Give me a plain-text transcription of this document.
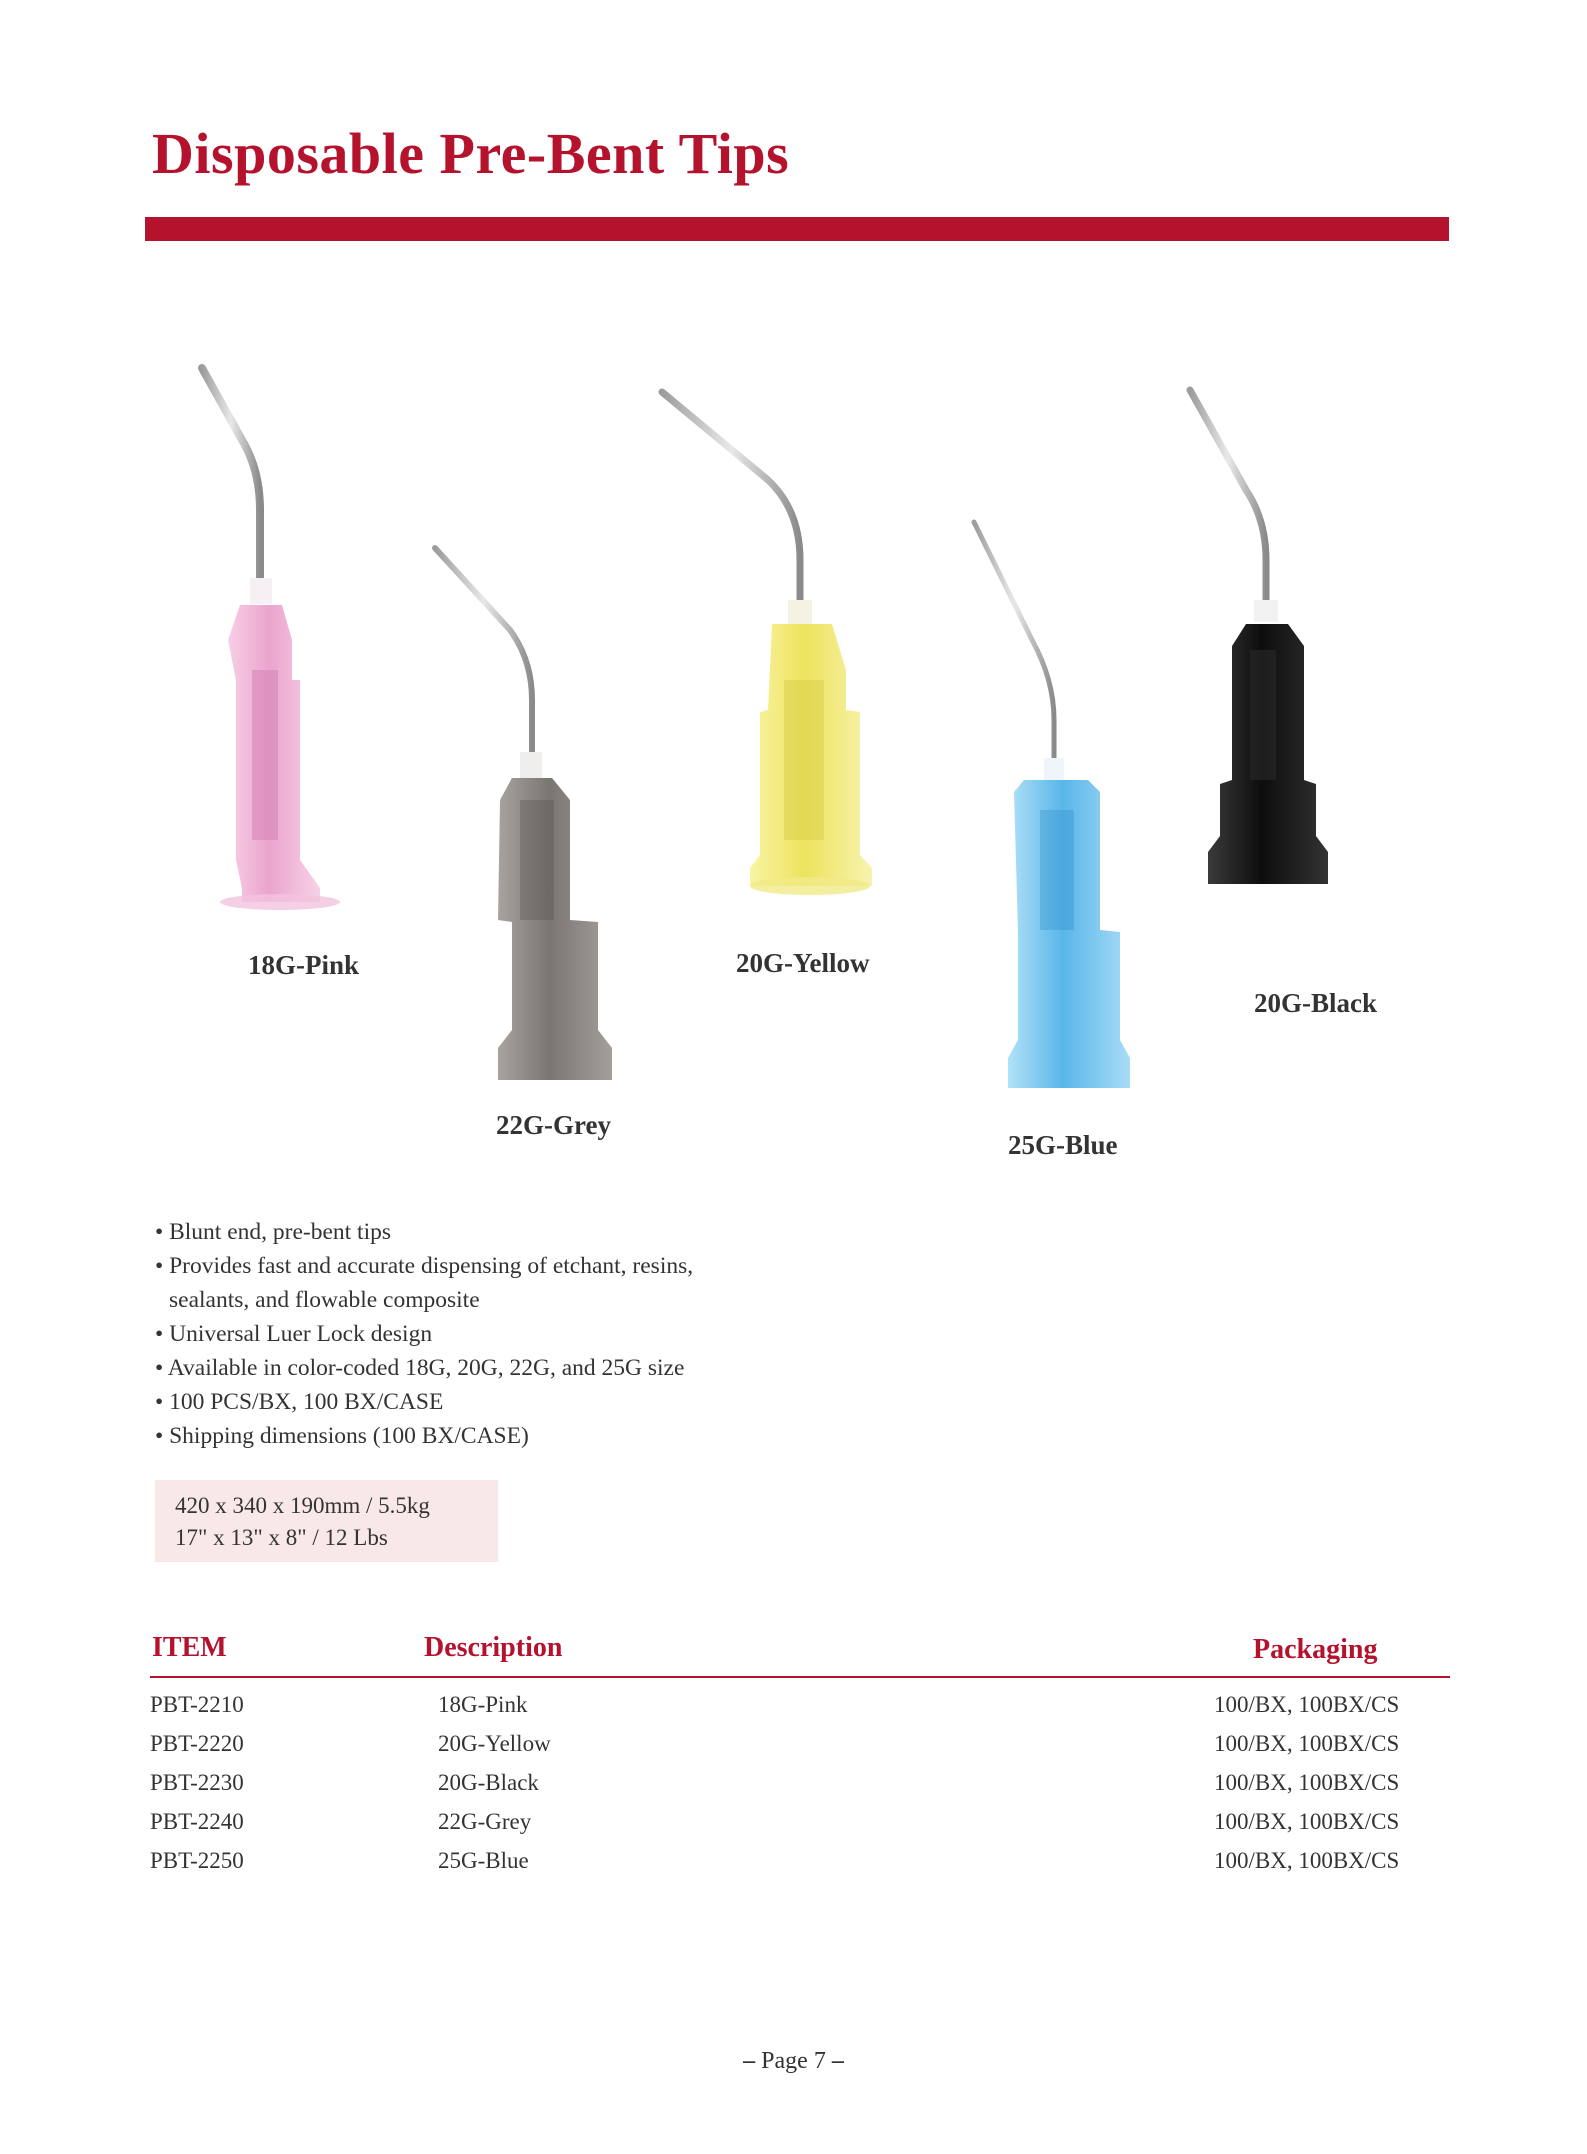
Disposable Pre-Bent Tips
18G-Pink
22G-Grey
20G-Yellow
25G-Blue
20G-Black
• Blunt end, pre-bent tips
• Provides fast and accurate dispensing of etchant, resins,
sealants, and flowable composite
• Universal Luer Lock design
• Available in color-coded 18G, 20G, 22G, and 25G size
• 100 PCS/BX, 100 BX/CASE
• Shipping dimensions (100 BX/CASE)
420 x 340 x 190mm / 5.5kg
17" x 13" x 8" / 12 Lbs
ITEM	Description	Packaging
PBT-2210	18G-Pink	100/BX, 100BX/CS
PBT-2220	20G-Yellow	100/BX, 100BX/CS
PBT-2230	20G-Black	100/BX, 100BX/CS
PBT-2240	22G-Grey	100/BX, 100BX/CS
PBT-2250	25G-Blue	100/BX, 100BX/CS
– Page 7 –
